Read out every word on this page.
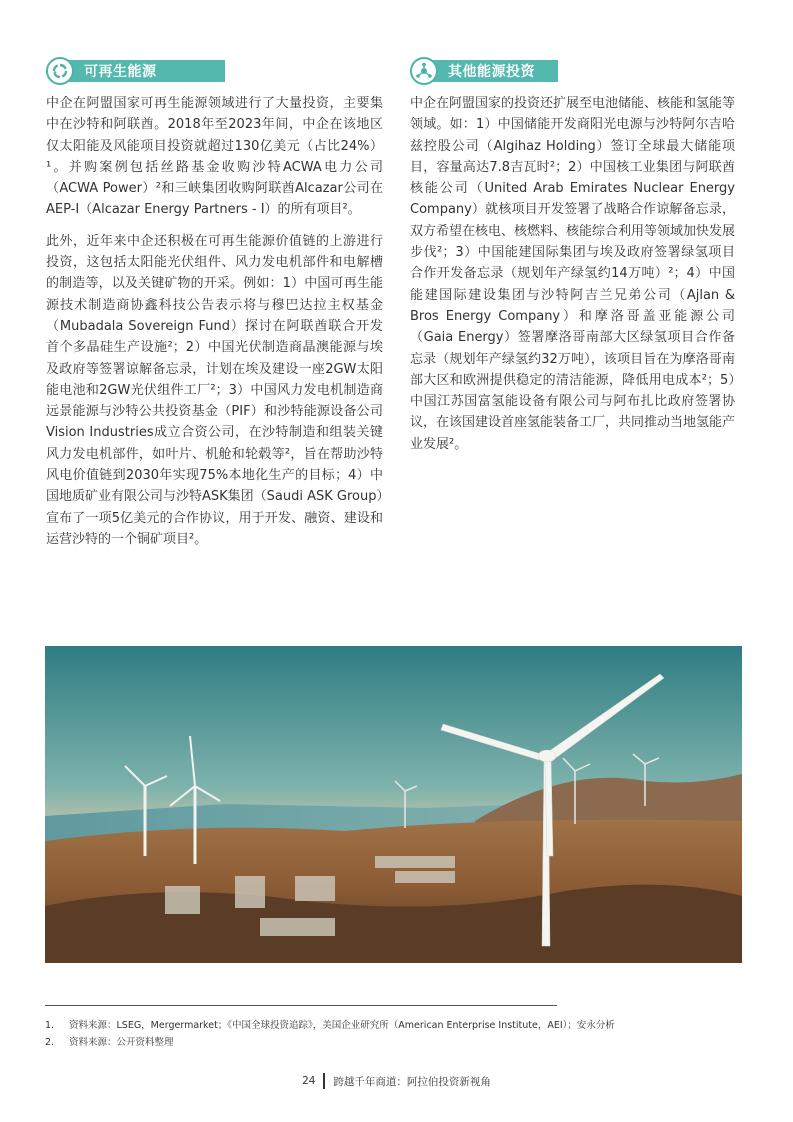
可再生能源	其他能源投资

中企在阿盟国家可再生能源领域进行了大量投资，主要集中在沙特和阿联酋。2018年至2023年间，中企在该地区仅太阳能及风能项目投资就超过130亿美元（占比24%）¹。并购案例包括丝路基金收购沙特ACWA电力公司（ACWA Power）²和三峡集团收购阿联酋Alcazar公司在AEP-I（Alcazar Energy Partners - I）的所有项目²。

此外，近年来中企还积极在可再生能源价值链的上游进行投资，这包括太阳能光伏组件、风力发电机部件和电解槽的制造等，以及关键矿物的开采。例如：1）中国可再生能源技术制造商协鑫科技公告表示将与穆巴达拉主权基金（Mubadala Sovereign Fund）探讨在阿联酋联合开发首个多晶硅生产设施²；2）中国光伏制造商晶澳能源与埃及政府等签署谅解备忘录，计划在埃及建设一座2GW太阳能电池和2GW光伏组件工厂²；3）中国风力发电机制造商远景能源与沙特公共投资基金（PIF）和沙特能源设备公司Vision Industries成立合资公司，在沙特制造和组装关键风力发电机部件，如叶片、机舱和轮毂等²，旨在帮助沙特风电价值链到2030年实现75%本地化生产的目标；4）中国地质矿业有限公司与沙特ASK集团（Saudi ASK Group）宣布了一项5亿美元的合作协议，用于开发、融资、建设和运营沙特的一个铜矿项目²。

中企在阿盟国家的投资还扩展至电池储能、核能和氢能等领域。如：1）中国储能开发商阳光电源与沙特阿尔吉哈兹控股公司（Algihaz Holding）签订全球最大储能项目，容量高达7.8吉瓦时²；2）中国核工业集团与阿联酋核能公司（United Arab Emirates Nuclear Energy Company）就核项目开发签署了战略合作谅解备忘录，双方希望在核电、核燃料、核能综合利用等领域加快发展步伐²；3）中国能建国际集团与埃及政府签署绿氢项目合作开发备忘录（规划年产绿氢约14万吨）²；4）中国能建国际建设集团与沙特阿吉兰兄弟公司（Ajlan & Bros Energy Company）和摩洛哥盖亚能源公司（Gaia Energy）签署摩洛哥南部大区绿氢项目合作备忘录（规划年产绿氢约32万吨），该项目旨在为摩洛哥南部大区和欧洲提供稳定的清洁能源，降低用电成本²；5）中国江苏国富氢能设备有限公司与阿布扎比政府签署协议，在该国建设首座氢能装备工厂，共同推动当地氢能产业发展²。

1.	资料来源：LSEG，Mergermarket；《中国全球投资追踪》，美国企业研究所（American Enterprise Institute，AEI）；安永分析
2.	资料来源：公开资料整理
24	跨越千年商道：阿拉伯投资新视角
